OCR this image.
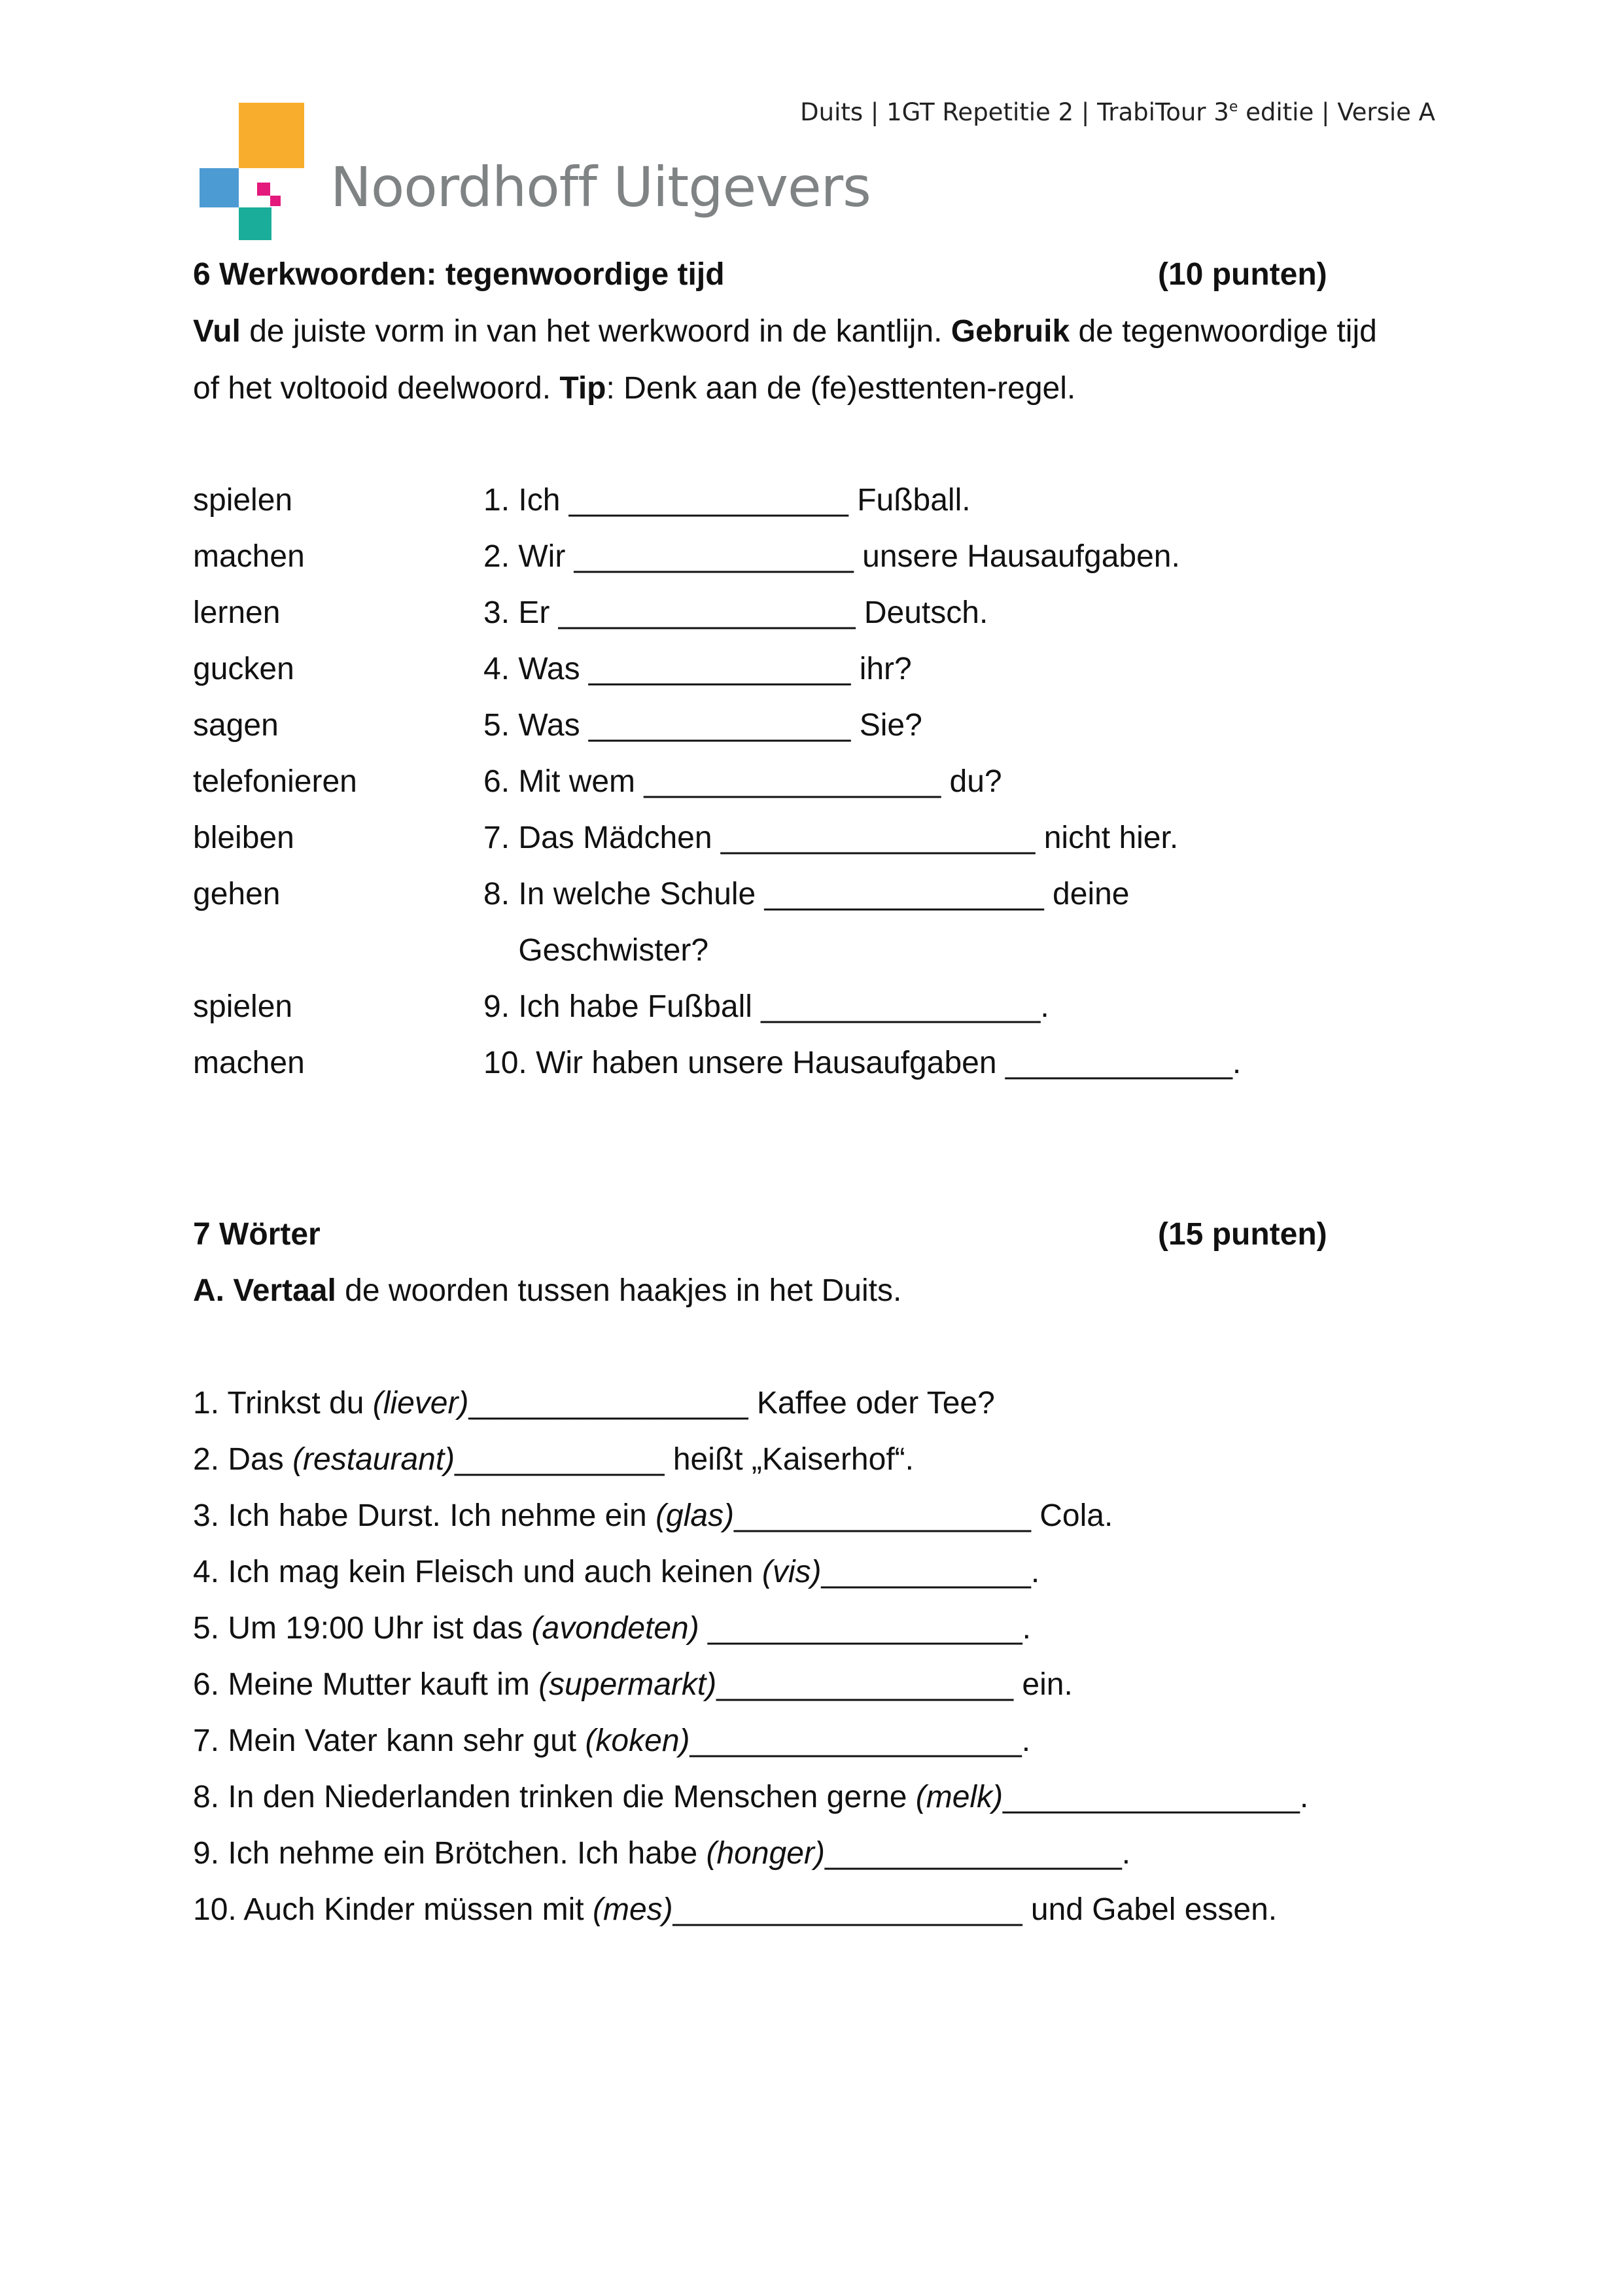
Duits | 1GT Repetitie 2 | TrabiTour 3e editie | Versie A
Noordhoff Uitgevers
6 Werkwoorden: tegenwoordige tijd	(10 punten)
Vul de juiste vorm in van het werkwoord in de kantlijn. Gebruik de tegenwoordige tijd
of het voltooid deelwoord. Tip: Denk aan de (fe)esttenten-regel.
spielen	1. Ich ________________ Fußball.
machen	2. Wir ________________ unsere Hausaufgaben.
lernen	3. Er _________________ Deutsch.
gucken	4. Was _______________ ihr?
sagen	5. Was _______________ Sie?
telefonieren	6. Mit wem _________________ du?
bleiben	7. Das Mädchen __________________ nicht hier.
gehen	8. In welche Schule ________________ deine
Geschwister?
spielen	9. Ich habe Fußball ________________.
machen	10. Wir haben unsere Hausaufgaben _____________.
7 Wörter	(15 punten)
A. Vertaal de woorden tussen haakjes in het Duits.
1. Trinkst du (liever)________________ Kaffee oder Tee?
2. Das (restaurant)____________ heißt „Kaiserhof“.
3. Ich habe Durst. Ich nehme ein (glas)_________________ Cola.
4. Ich mag kein Fleisch und auch keinen (vis)____________.
5. Um 19:00 Uhr ist das (avondeten) __________________.
6. Meine Mutter kauft im (supermarkt)_________________ ein.
7. Mein Vater kann sehr gut (koken)___________________.
8. In den Niederlanden trinken die Menschen gerne (melk)_________________.
9. Ich nehme ein Brötchen. Ich habe (honger)_________________.
10. Auch Kinder müssen mit (mes)____________________ und Gabel essen.
